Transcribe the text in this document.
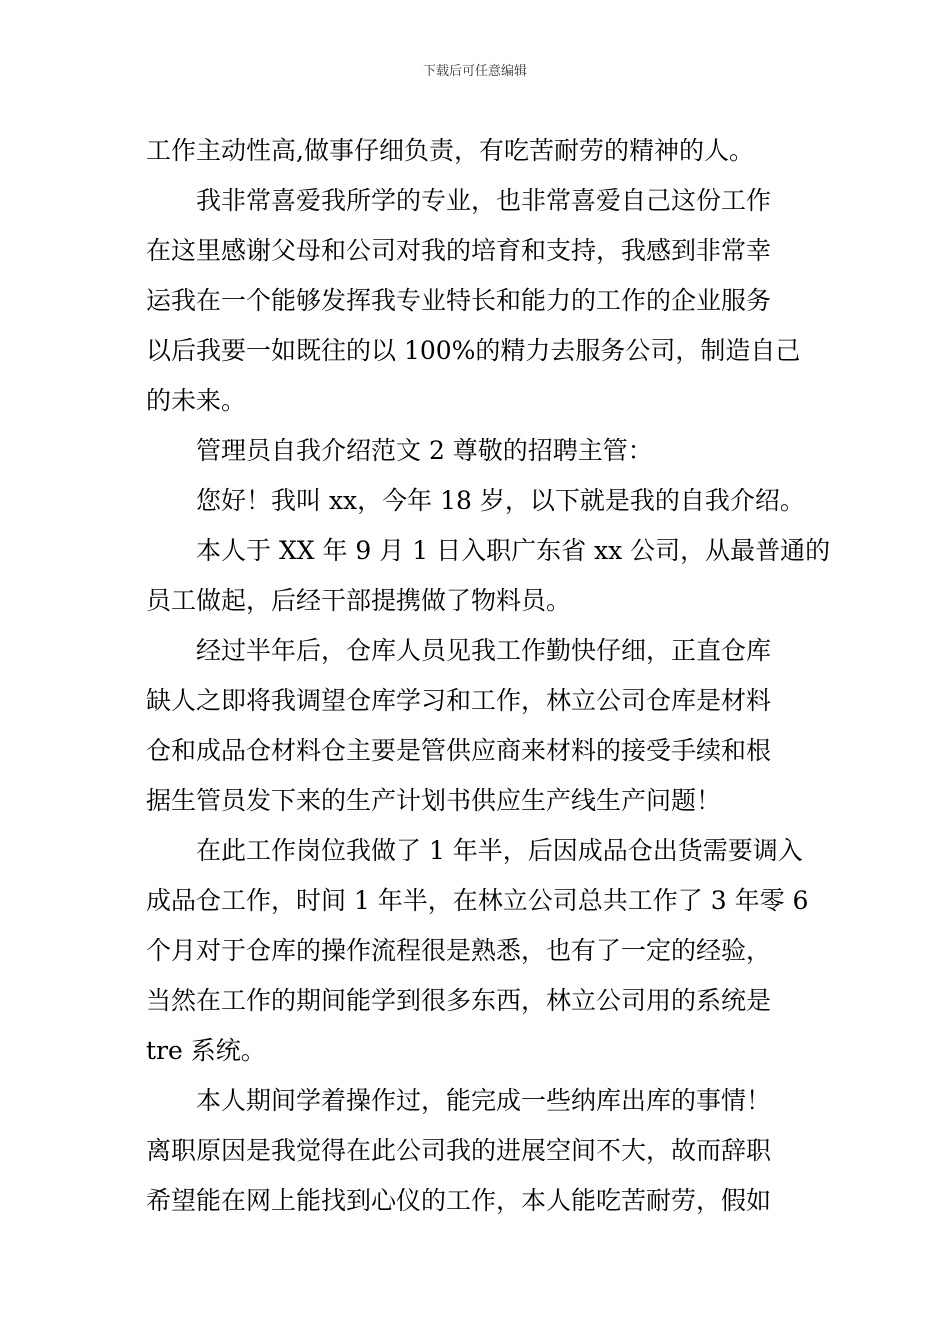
下载后可任意编辑
工作主动性高,做事仔细负责，有吃苦耐劳的精神的人。
我非常喜爱我所学的专业，也非常喜爱自己这份工作
在这里感谢父母和公司对我的培育和支持，我感到非常幸
运我在一个能够发挥我专业特长和能力的工作的企业服务
以后我要一如既往的以 100%的精力去服务公司，制造自己
的未来。
管理员自我介绍范文 2 尊敬的招聘主管：
您好！我叫 xx，今年 18 岁，以下就是我的自我介绍。
本人于 XX 年 9 月 1 日入职广东省 xx 公司，从最普通的
员工做起，后经干部提携做了物料员。
经过半年后，仓库人员见我工作勤快仔细，正直仓库
缺人之即将我调望仓库学习和工作，林立公司仓库是材料
仓和成品仓材料仓主要是管供应商来材料的接受手续和根
据生管员发下来的生产计划书供应生产线生产问题！
在此工作岗位我做了 1 年半，后因成品仓出货需要调入
成品仓工作，时间 1 年半，在林立公司总共工作了 3 年零 6
个月对于仓库的操作流程很是熟悉，也有了一定的经验，
当然在工作的期间能学到很多东西，林立公司用的系统是
tre 系统。
本人期间学着操作过，能完成一些纳库出库的事情！
离职原因是我觉得在此公司我的进展空间不大，故而辞职
希望能在网上能找到心仪的工作，本人能吃苦耐劳，假如
